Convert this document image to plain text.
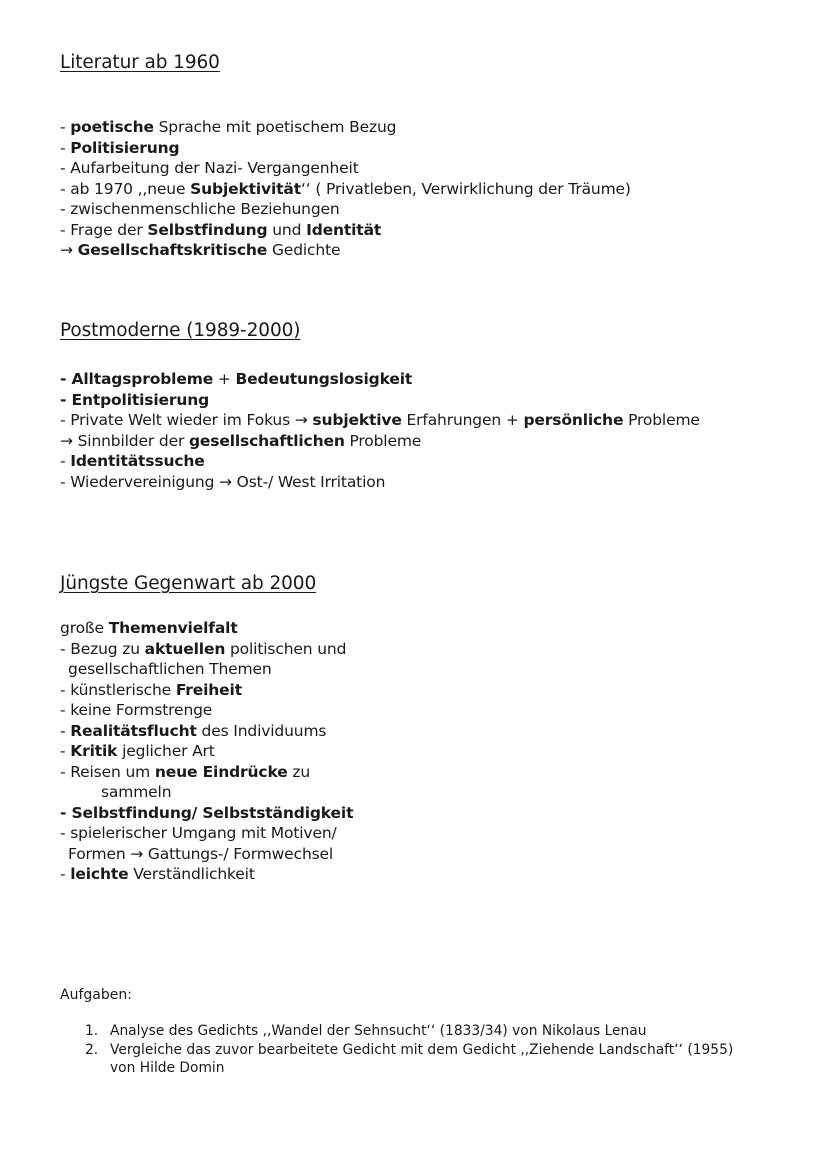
Literatur ab 1960
- poetische Sprache mit poetischem Bezug
- Politisierung
- Aufarbeitung der Nazi- Vergangenheit
- ab 1970 ,,neue Subjektivität‘‘ ( Privatleben, Verwirklichung der Träume)
- zwischenmenschliche Beziehungen
- Frage der Selbstfindung und Identität
→ Gesellschaftskritische Gedichte
Postmoderne (1989-2000)
- Alltagsprobleme + Bedeutungslosigkeit
- Entpolitisierung
- Private Welt wieder im Fokus → subjektive Erfahrungen + persönliche Probleme
→ Sinnbilder der gesellschaftlichen Probleme
- Identitätssuche
- Wiedervereinigung → Ost-/ West Irritation
Jüngste Gegenwart ab 2000
große Themenvielfalt
- Bezug zu aktuellen politischen und
gesellschaftlichen Themen
- künstlerische Freiheit
- keine Formstrenge
- Realitätsflucht des Individuums
- Kritik jeglicher Art
- Reisen um neue Eindrücke zu
sammeln
- Selbstfindung/ Selbstständigkeit
- spielerischer Umgang mit Motiven/
Formen → Gattungs-/ Formwechsel
- leichte Verständlichkeit
Aufgaben:
1. Analyse des Gedichts ,,Wandel der Sehnsucht‘‘ (1833/34) von Nikolaus Lenau
2. Vergleiche das zuvor bearbeitete Gedicht mit dem Gedicht ,,Ziehende Landschaft‘‘ (1955) von Hilde Domin
